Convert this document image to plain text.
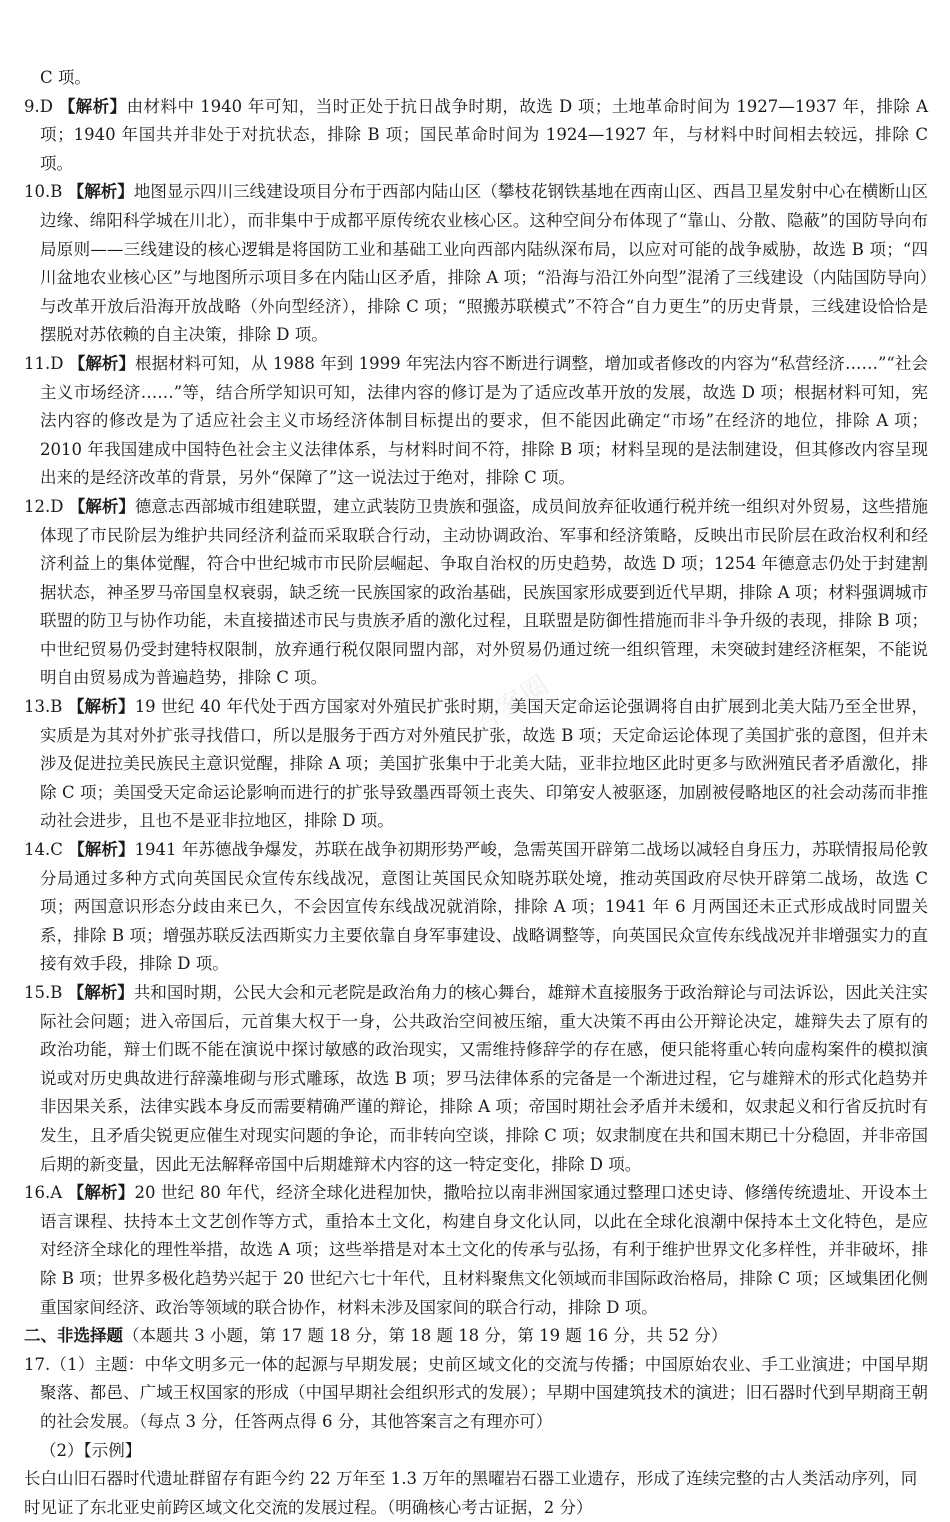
C 项。
9.D 【解析】由材料中 1940 年可知，当时正处于抗日战争时期，故选 D 项；土地革命时间为 1927—1937 年，排除 A 项；1940 年国共并非处于对抗状态，排除 B 项；国民革命时间为 1924—1927 年，与材料中时间相去较远，排除 C 项。
10.B 【解析】地图显示四川三线建设项目分布于西部内陆山区（攀枝花钢铁基地在西南山区、西昌卫星发射中心在横断山区边缘、绵阳科学城在川北），而非集中于成都平原传统农业核心区。这种空间分布体现了“靠山、分散、隐蔽”的国防导向布局原则——三线建设的核心逻辑是将国防工业和基础工业向西部内陆纵深布局，以应对可能的战争威胁，故选 B 项；“四川盆地农业核心区”与地图所示项目多在内陆山区矛盾，排除 A 项；“沿海与沿江外向型”混淆了三线建设（内陆国防导向）与改革开放后沿海开放战略（外向型经济），排除 C 项；“照搬苏联模式”不符合“自力更生”的历史背景，三线建设恰恰是摆脱对苏依赖的自主决策，排除 D 项。
11.D 【解析】根据材料可知，从 1988 年到 1999 年宪法内容不断进行调整，增加或者修改的内容为“私营经济……”“社会主义市场经济……”等，结合所学知识可知，法律内容的修订是为了适应改革开放的发展，故选 D 项；根据材料可知，宪法内容的修改是为了适应社会主义市场经济体制目标提出的要求，但不能因此确定“市场”在经济的地位，排除 A 项；2010 年我国建成中国特色社会主义法律体系，与材料时间不符，排除 B 项；材料呈现的是法制建设，但其修改内容呈现出来的是经济改革的背景，另外“保障了”这一说法过于绝对，排除 C 项。
12.D 【解析】德意志西部城市组建联盟，建立武装防卫贵族和强盗，成员间放弃征收通行税并统一组织对外贸易，这些措施体现了市民阶层为维护共同经济利益而采取联合行动，主动协调政治、军事和经济策略，反映出市民阶层在政治权利和经济利益上的集体觉醒，符合中世纪城市市民阶层崛起、争取自治权的历史趋势，故选 D 项；1254 年德意志仍处于封建割据状态，神圣罗马帝国皇权衰弱，缺乏统一民族国家的政治基础，民族国家形成要到近代早期，排除 A 项；材料强调城市联盟的防卫与协作功能，未直接描述市民与贵族矛盾的激化过程，且联盟是防御性措施而非斗争升级的表现，排除 B 项；中世纪贸易仍受封建特权限制，放弃通行税仅限同盟内部，对外贸易仍通过统一组织管理，未突破封建经济框架，不能说明自由贸易成为普遍趋势，排除 C 项。
13.B 【解析】19 世纪 40 年代处于西方国家对外殖民扩张时期，美国天定命运论强调将自由扩展到北美大陆乃至全世界，实质是为其对外扩张寻找借口，所以是服务于西方对外殖民扩张，故选 B 项；天定命运论体现了美国扩张的意图，但并未涉及促进拉美民族民主意识觉醒，排除 A 项；美国扩张集中于北美大陆，亚非拉地区此时更多与欧洲殖民者矛盾激化，排除 C 项；美国受天定命运论影响而进行的扩张导致墨西哥领土丧失、印第安人被驱逐，加剧被侵略地区的社会动荡而非推动社会进步，且也不是亚非拉地区，排除 D 项。
14.C 【解析】1941 年苏德战争爆发，苏联在战争初期形势严峻，急需英国开辟第二战场以减轻自身压力，苏联情报局伦敦分局通过多种方式向英国民众宣传东线战况，意图让英国民众知晓苏联处境，推动英国政府尽快开辟第二战场，故选 C 项；两国意识形态分歧由来已久，不会因宣传东线战况就消除，排除 A 项；1941 年 6 月两国还未正式形成战时同盟关系，排除 B 项；增强苏联反法西斯实力主要依靠自身军事建设、战略调整等，向英国民众宣传东线战况并非增强实力的直接有效手段，排除 D 项。
15.B 【解析】共和国时期，公民大会和元老院是政治角力的核心舞台，雄辩术直接服务于政治辩论与司法诉讼，因此关注实际社会问题；进入帝国后，元首集大权于一身，公共政治空间被压缩，重大决策不再由公开辩论决定，雄辩失去了原有的政治功能，辩士们既不能在演说中探讨敏感的政治现实，又需维持修辞学的存在感，便只能将重心转向虚构案件的模拟演说或对历史典故进行辞藻堆砌与形式雕琢，故选 B 项；罗马法律体系的完备是一个渐进过程，它与雄辩术的形式化趋势并非因果关系，法律实践本身反而需要精确严谨的辩论，排除 A 项；帝国时期社会矛盾并未缓和，奴隶起义和行省反抗时有发生，且矛盾尖锐更应催生对现实问题的争论，而非转向空谈，排除 C 项；奴隶制度在共和国末期已十分稳固，并非帝国后期的新变量，因此无法解释帝国中后期雄辩术内容的这一特定变化，排除 D 项。
16.A 【解析】20 世纪 80 年代，经济全球化进程加快，撒哈拉以南非洲国家通过整理口述史诗、修缮传统遗址、开设本土语言课程、扶持本土文艺创作等方式，重拾本土文化，构建自身文化认同，以此在全球化浪潮中保持本土文化特色，是应对经济全球化的理性举措，故选 A 项；这些举措是对本土文化的传承与弘扬，有利于维护世界文化多样性，并非破坏，排除 B 项；世界多极化趋势兴起于 20 世纪六七十年代，且材料聚焦文化领域而非国际政治格局，排除 C 项；区域集团化侧重国家间经济、政治等领域的联合协作，材料未涉及国家间的联合行动，排除 D 项。
二、非选择题（本题共 3 小题，第 17 题 18 分，第 18 题 18 分，第 19 题 16 分，共 52 分）
17.（1）主题：中华文明多元一体的起源与早期发展；史前区域文化的交流与传播；中国原始农业、手工业演进；中国早期聚落、都邑、广域王权国家的形成（中国早期社会组织形式的发展）；早期中国建筑技术的演进；旧石器时代到早期商王朝的社会发展。（每点 3 分，任答两点得 6 分，其他答案言之有理亦可）
（2）【示例】
长白山旧石器时代遗址群留存有距今约 22 万年至 1.3 万年的黑曜岩石器工业遗存，形成了连续完整的古人类活动序列，同时见证了东北亚史前跨区域文化交流的发展过程。（明确核心考古证据，2 分）
答案圈
